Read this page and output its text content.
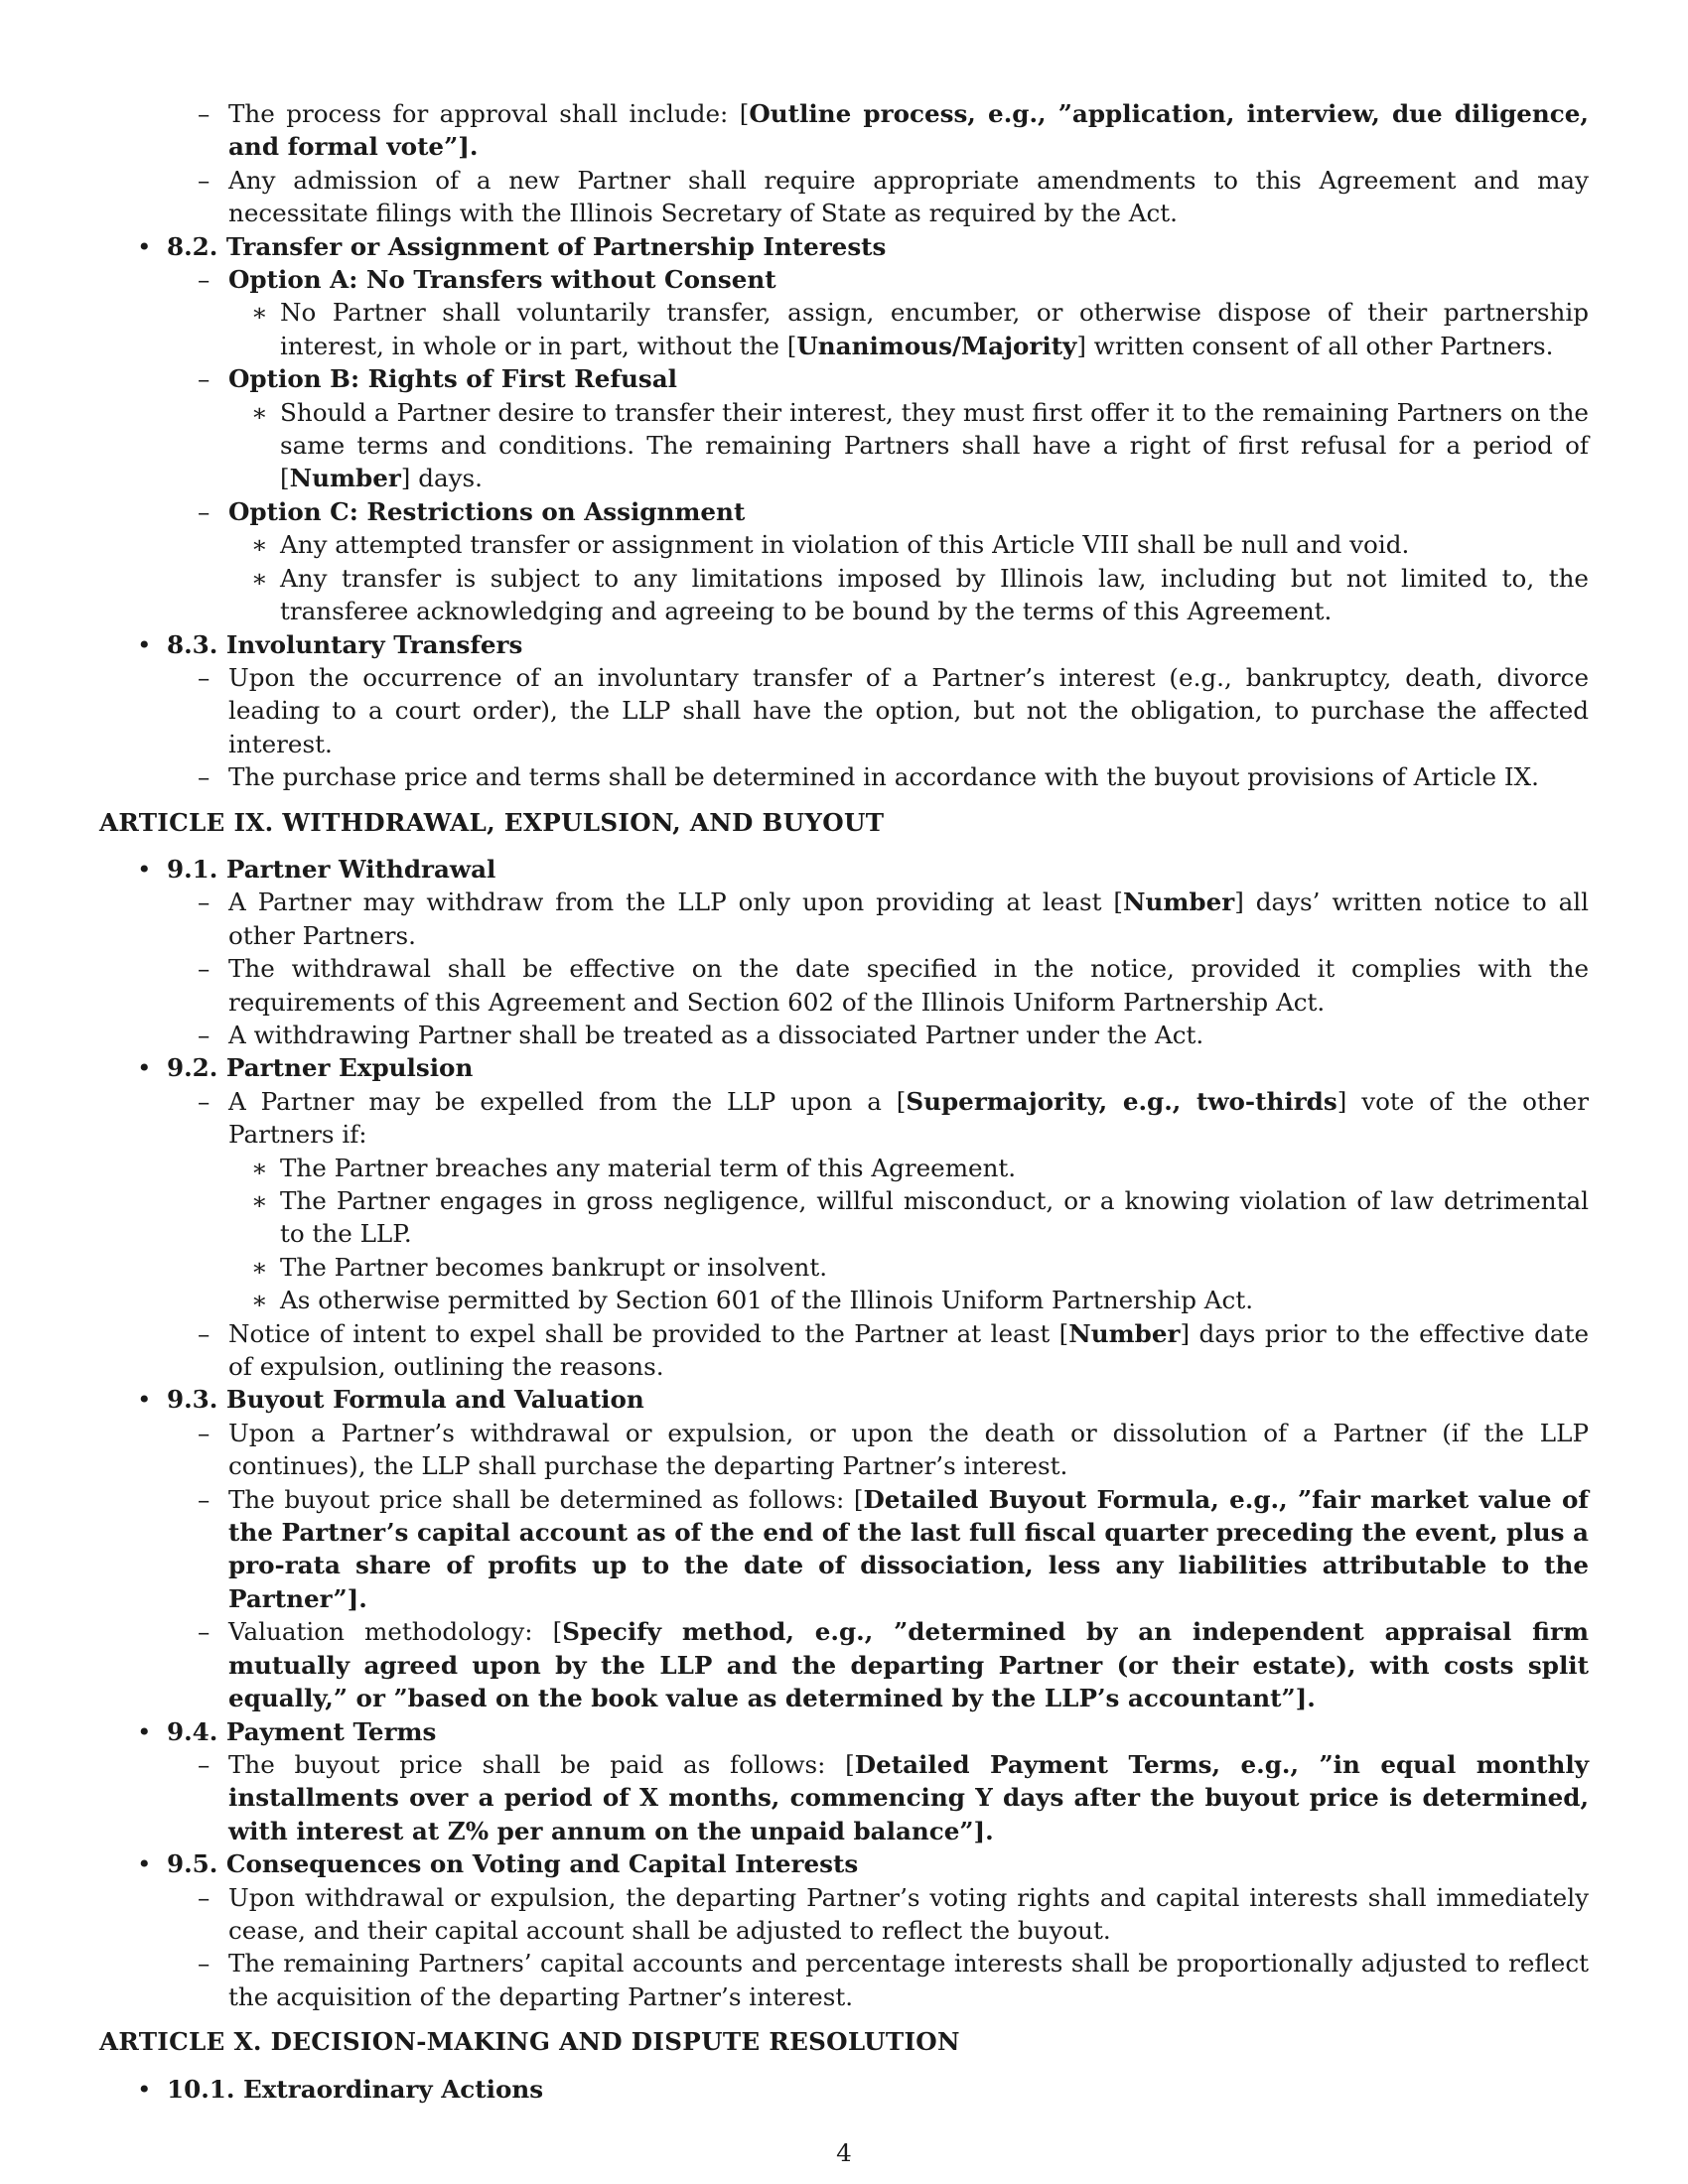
– The process for approval shall include: [Outline process, e.g., ”application, interview, due diligence, and formal vote”].
– Any admission of a new Partner shall require appropriate amendments to this Agreement and may necessitate filings with the Illinois Secretary of State as required by the Act.
• 8.2. Transfer or Assignment of Partnership Interests
– Option A: No Transfers without Consent
∗ No Partner shall voluntarily transfer, assign, encumber, or otherwise dispose of their partnership interest, in whole or in part, without the [Unanimous/Majority] written consent of all other Partners.
– Option B: Rights of First Refusal
∗ Should a Partner desire to transfer their interest, they must first offer it to the remaining Partners on the same terms and conditions. The remaining Partners shall have a right of first refusal for a period of [Number] days.
– Option C: Restrictions on Assignment
∗ Any attempted transfer or assignment in violation of this Article VIII shall be null and void.
∗ Any transfer is subject to any limitations imposed by Illinois law, including but not limited to, the transferee acknowledging and agreeing to be bound by the terms of this Agreement.
• 8.3. Involuntary Transfers
– Upon the occurrence of an involuntary transfer of a Partner’s interest (e.g., bankruptcy, death, divorce leading to a court order), the LLP shall have the option, but not the obligation, to purchase the affected interest.
– The purchase price and terms shall be determined in accordance with the buyout provisions of Article IX.
ARTICLE IX. WITHDRAWAL, EXPULSION, AND BUYOUT
• 9.1. Partner Withdrawal
– A Partner may withdraw from the LLP only upon providing at least [Number] days’ written notice to all other Partners.
– The withdrawal shall be effective on the date specified in the notice, provided it complies with the requirements of this Agreement and Section 602 of the Illinois Uniform Partnership Act.
– A withdrawing Partner shall be treated as a dissociated Partner under the Act.
• 9.2. Partner Expulsion
– A Partner may be expelled from the LLP upon a [Supermajority, e.g., two-thirds] vote of the other Partners if:
∗ The Partner breaches any material term of this Agreement.
∗ The Partner engages in gross negligence, willful misconduct, or a knowing violation of law detrimental to the LLP.
∗ The Partner becomes bankrupt or insolvent.
∗ As otherwise permitted by Section 601 of the Illinois Uniform Partnership Act.
– Notice of intent to expel shall be provided to the Partner at least [Number] days prior to the effective date of expulsion, outlining the reasons.
• 9.3. Buyout Formula and Valuation
– Upon a Partner’s withdrawal or expulsion, or upon the death or dissolution of a Partner (if the LLP continues), the LLP shall purchase the departing Partner’s interest.
– The buyout price shall be determined as follows: [Detailed Buyout Formula, e.g., ”fair market value of the Partner’s capital account as of the end of the last full fiscal quarter preceding the event, plus a pro-rata share of profits up to the date of dissociation, less any liabilities attributable to the Partner”].
– Valuation methodology: [Specify method, e.g., ”determined by an independent appraisal firm mutually agreed upon by the LLP and the departing Partner (or their estate), with costs split equally,” or ”based on the book value as determined by the LLP’s accountant”].
• 9.4. Payment Terms
– The buyout price shall be paid as follows: [Detailed Payment Terms, e.g., ”in equal monthly installments over a period of X months, commencing Y days after the buyout price is determined, with interest at Z% per annum on the unpaid balance”].
• 9.5. Consequences on Voting and Capital Interests
– Upon withdrawal or expulsion, the departing Partner’s voting rights and capital interests shall immediately cease, and their capital account shall be adjusted to reflect the buyout.
– The remaining Partners’ capital accounts and percentage interests shall be proportionally adjusted to reflect the acquisition of the departing Partner’s interest.
ARTICLE X. DECISION-MAKING AND DISPUTE RESOLUTION
• 10.1. Extraordinary Actions
4
